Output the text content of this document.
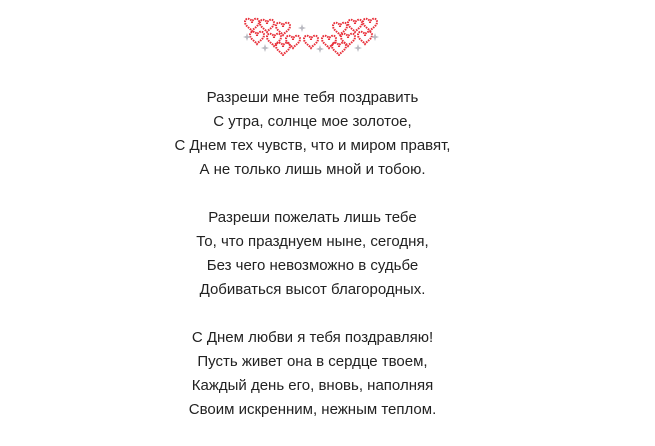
Разреши мне тебя поздравить
С утра, солнце мое золотое,
С Днем тех чувств, что и миром правят,
А не только лишь мной и тобою.
Разреши пожелать лишь тебе
То, что празднуем ныне, сегодня,
Без чего невозможно в судьбе
Добиваться высот благородных.
С Днем любви я тебя поздравляю!
Пусть живет она в сердце твоем,
Каждый день его, вновь, наполняя
Своим искренним, нежным теплом.
